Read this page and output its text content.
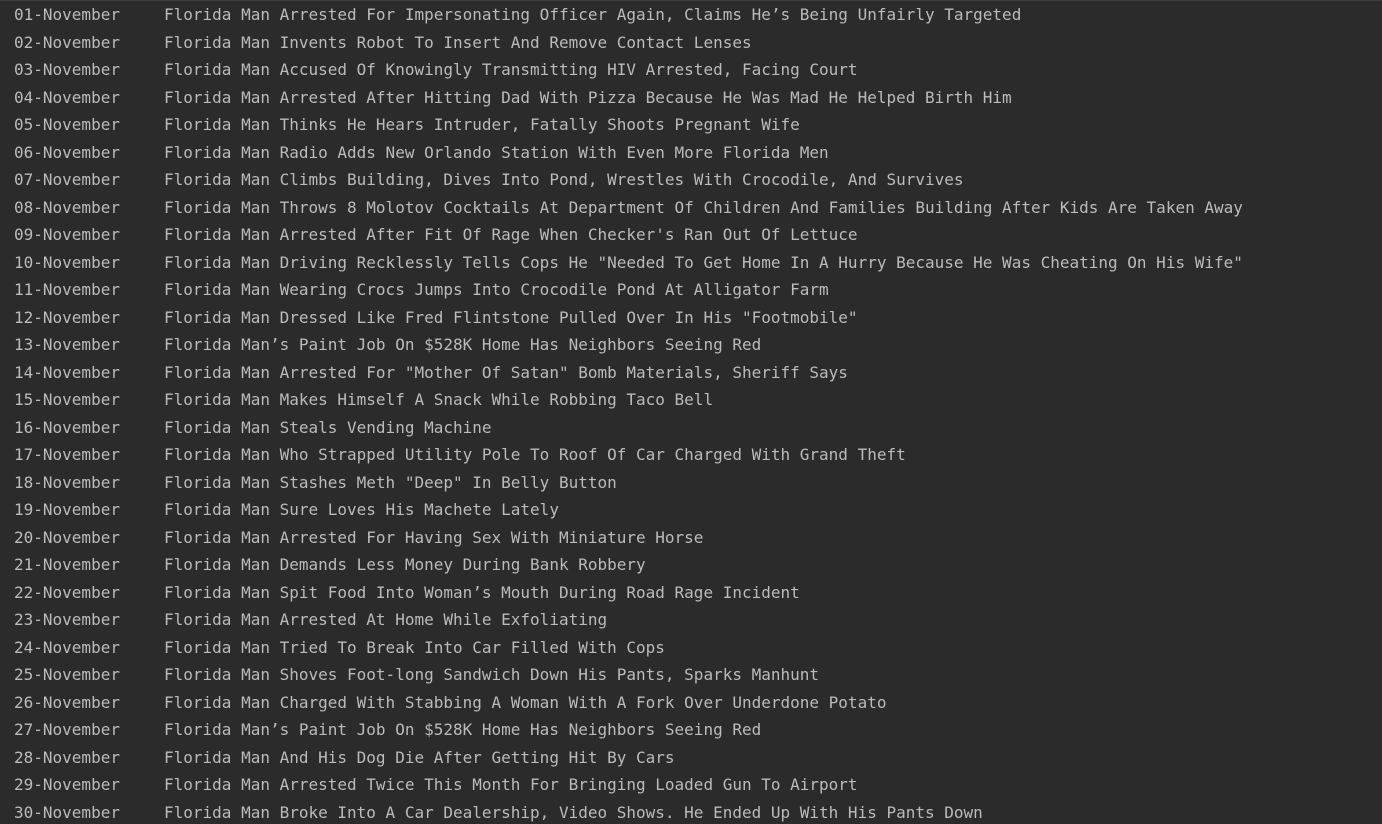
01-November	Florida Man Arrested For Impersonating Officer Again, Claims He’s Being Unfairly Targeted
02-November	Florida Man Invents Robot To Insert And Remove Contact Lenses
03-November	Florida Man Accused Of Knowingly Transmitting HIV Arrested, Facing Court
04-November	Florida Man Arrested After Hitting Dad With Pizza Because He Was Mad He Helped Birth Him
05-November	Florida Man Thinks He Hears Intruder, Fatally Shoots Pregnant Wife
06-November	Florida Man Radio Adds New Orlando Station With Even More Florida Men
07-November	Florida Man Climbs Building, Dives Into Pond, Wrestles With Crocodile, And Survives
08-November	Florida Man Throws 8 Molotov Cocktails At Department Of Children And Families Building After Kids Are Taken Away
09-November	Florida Man Arrested After Fit Of Rage When Checker's Ran Out Of Lettuce
10-November	Florida Man Driving Recklessly Tells Cops He "Needed To Get Home In A Hurry Because He Was Cheating On His Wife"
11-November	Florida Man Wearing Crocs Jumps Into Crocodile Pond At Alligator Farm
12-November	Florida Man Dressed Like Fred Flintstone Pulled Over In His "Footmobile"
13-November	Florida Man’s Paint Job On $528K Home Has Neighbors Seeing Red
14-November	Florida Man Arrested For "Mother Of Satan" Bomb Materials, Sheriff Says
15-November	Florida Man Makes Himself A Snack While Robbing Taco Bell
16-November	Florida Man Steals Vending Machine
17-November	Florida Man Who Strapped Utility Pole To Roof Of Car Charged With Grand Theft
18-November	Florida Man Stashes Meth "Deep" In Belly Button
19-November	Florida Man Sure Loves His Machete Lately
20-November	Florida Man Arrested For Having Sex With Miniature Horse
21-November	Florida Man Demands Less Money During Bank Robbery
22-November	Florida Man Spit Food Into Woman’s Mouth During Road Rage Incident
23-November	Florida Man Arrested At Home While Exfoliating
24-November	Florida Man Tried To Break Into Car Filled With Cops
25-November	Florida Man Shoves Foot-long Sandwich Down His Pants, Sparks Manhunt
26-November	Florida Man Charged With Stabbing A Woman With A Fork Over Underdone Potato
27-November	Florida Man’s Paint Job On $528K Home Has Neighbors Seeing Red
28-November	Florida Man And His Dog Die After Getting Hit By Cars
29-November	Florida Man Arrested Twice This Month For Bringing Loaded Gun To Airport
30-November	Florida Man Broke Into A Car Dealership, Video Shows. He Ended Up With His Pants Down
